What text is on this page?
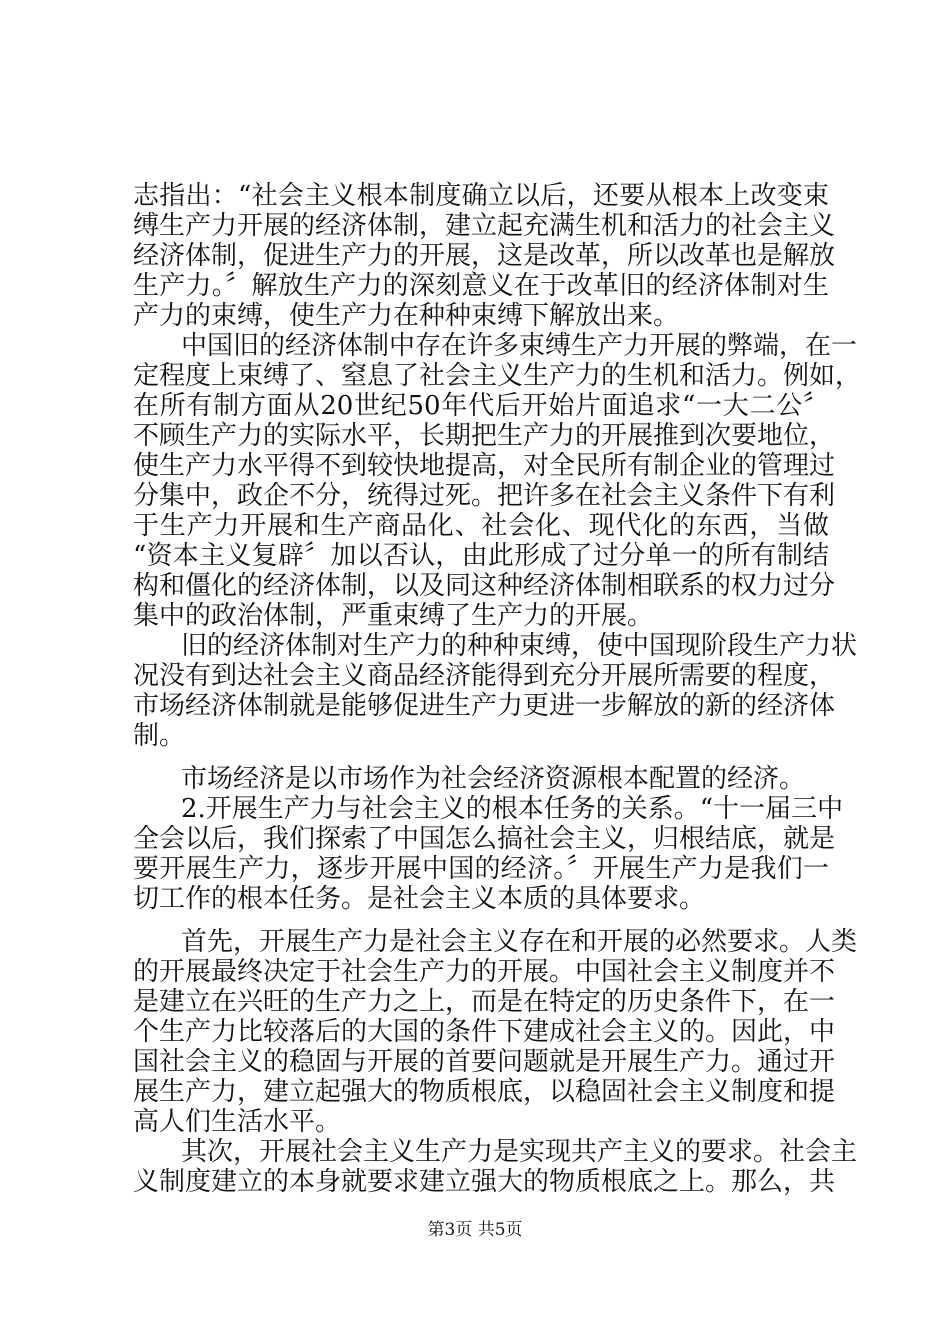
志指出：“社会主义根本制度确立以后，还要从根本上改变束
缚生产力开展的经济体制，建立起充满生机和活力的社会主义
经济体制，促进生产力的开展，这是改革，所以改革也是解放
生产力。〞解放生产力的深刻意义在于改革旧的经济体制对生
产力的束缚，使生产力在种种束缚下解放出来。
中国旧的经济体制中存在许多束缚生产力开展的弊端，在一
定程度上束缚了、窒息了社会主义生产力的生机和活力。例如，
在所有制方面从20世纪50年代后开始片面追求“一大二公〞
不顾生产力的实际水平，长期把生产力的开展推到次要地位，
使生产力水平得不到较快地提高，对全民所有制企业的管理过
分集中，政企不分，统得过死。把许多在社会主义条件下有利
于生产力开展和生产商品化、社会化、现代化的东西，当做
“资本主义复辟〞加以否认，由此形成了过分单一的所有制结
构和僵化的经济体制，以及同这种经济体制相联系的权力过分
集中的政治体制，严重束缚了生产力的开展。
旧的经济体制对生产力的种种束缚，使中国现阶段生产力状
况没有到达社会主义商品经济能得到充分开展所需要的程度，
市场经济体制就是能够促进生产力更进一步解放的新的经济体
制。
市场经济是以市场作为社会经济资源根本配置的经济。
2.开展生产力与社会主义的根本任务的关系。“十一届三中
全会以后，我们探索了中国怎么搞社会主义，归根结底，就是
要开展生产力，逐步开展中国的经济。〞开展生产力是我们一
切工作的根本任务。是社会主义本质的具体要求。
首先，开展生产力是社会主义存在和开展的必然要求。人类
的开展最终决定于社会生产力的开展。中国社会主义制度并不
是建立在兴旺的生产力之上，而是在特定的历史条件下，在一
个生产力比较落后的大国的条件下建成社会主义的。因此，中
国社会主义的稳固与开展的首要问题就是开展生产力。通过开
展生产力，建立起强大的物质根底，以稳固社会主义制度和提
高人们生活水平。
其次，开展社会主义生产力是实现共产主义的要求。社会主
义制度建立的本身就要求建立强大的物质根底之上。那么，共
第3页 共5页
